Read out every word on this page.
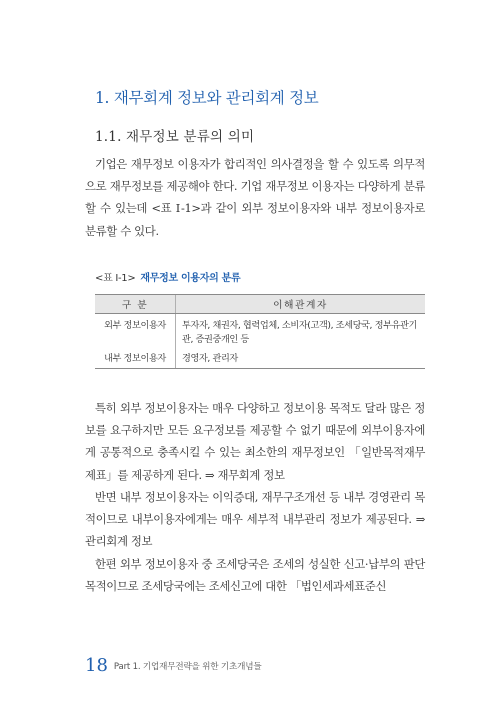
1. 재무회계 정보와 관리회계 정보
1.1. 재무정보 분류의 의미
기업은 재무정보 이용자가 합리적인 의사결정을 할 수 있도록 의무적으로 재무정보를 제공해야 한다. 기업 재무정보 이용자는 다양하게 분류할 수 있는데 <표 Ⅰ-1>과 같이 외부 정보이용자와 내부 정보이용자로 분류할 수 있다.
<표 Ⅰ-1> 재무정보 이용자의 분류
구 분	이해관계자
외부 정보이용자	투자자, 채권자, 협력업체, 소비자(고객), 조세당국, 정부유관기관, 증권중개인 등
내부 정보이용자	경영자, 관리자
특히 외부 정보이용자는 매우 다양하고 정보이용 목적도 달라 많은 정보를 요구하지만 모든 요구정보를 제공할 수 없기 때문에 외부이용자에게 공통적으로 충족시킬 수 있는 최소한의 재무정보인 「일반목적재무제표」를 제공하게 된다. ⇒ 재무회계 정보
반면 내부 정보이용자는 이익증대, 재무구조개선 등 내부 경영관리 목적이므로 내부이용자에게는 매우 세부적 내부관리 정보가 제공된다. ⇒ 관리회계 정보
한편 외부 정보이용자 중 조세당국은 조세의 성실한 신고·납부의 판단 목적이므로 조세당국에는 조세신고에 대한 「법인세과세표준신
18 Part 1. 기업재무전략을 위한 기초개념들
